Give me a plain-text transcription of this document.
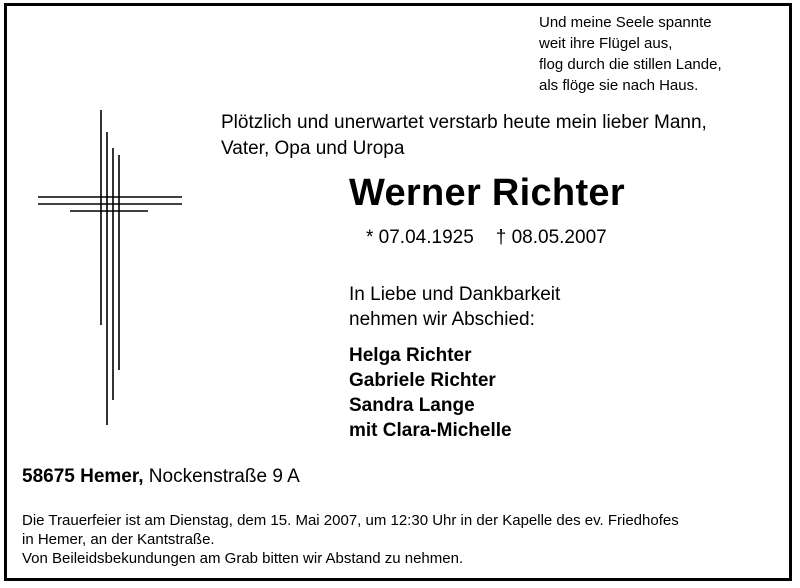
Und meine Seele spannte
weit ihre Flügel aus,
flog durch die stillen Lande,
als flöge sie nach Haus.
Plötzlich und unerwartet verstarb heute mein lieber Mann,
Vater, Opa und Uropa
Werner Richter
* 07.04.1925 † 08.05.2007
In Liebe und Dankbarkeit
nehmen wir Abschied:
Helga Richter
Gabriele Richter
Sandra Lange
mit Clara-Michelle
58675 Hemer, Nockenstraße 9 A
Die Trauerfeier ist am Dienstag, dem 15. Mai 2007, um 12:30 Uhr in der Kapelle des ev. Friedhofes
in Hemer, an der Kantstraße.
Von Beileidsbekundungen am Grab bitten wir Abstand zu nehmen.
